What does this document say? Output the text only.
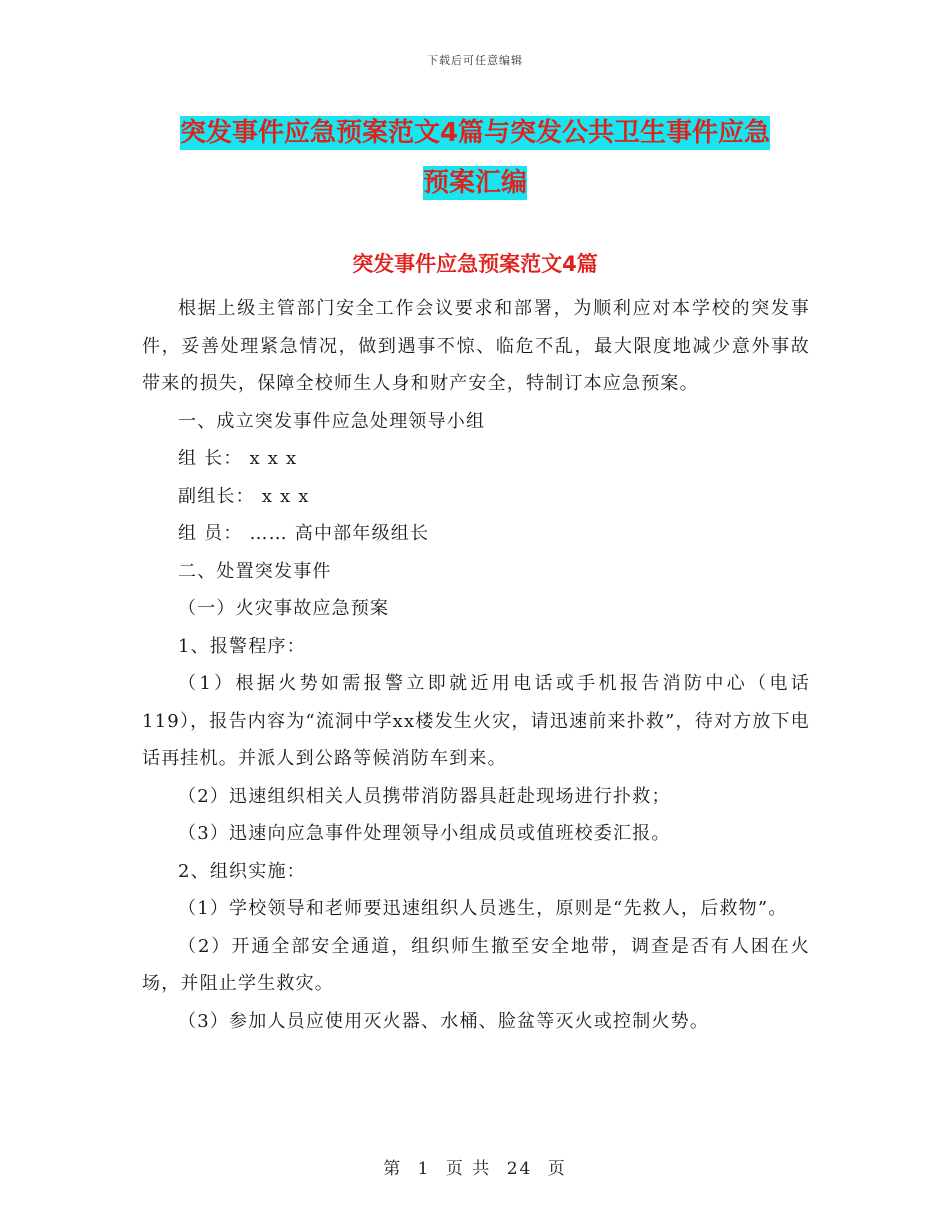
下载后可任意编辑
突发事件应急预案范文4篇与突发公共卫生事件应急
预案汇编
突发事件应急预案范文4篇

根据上级主管部门安全工作会议要求和部署，为顺利应对本学校的突发事件，妥善处理紧急情况，做到遇事不惊、临危不乱，最大限度地减少意外事故带来的损失，保障全校师生人身和财产安全，特制订本应急预案。

一、成立突发事件应急处理领导小组

组 长： x x x

副组长： x x x

组 员： …… 高中部年级组长

二、处置突发事件

（一）火灾事故应急预案

1、报警程序：

（1）根据火势如需报警立即就近用电话或手机报告消防中心（电话119），报告内容为“流洞中学xx楼发生火灾，请迅速前来扑救”，待对方放下电话再挂机。并派人到公路等候消防车到来。

（2）迅速组织相关人员携带消防器具赶赴现场进行扑救；

（3）迅速向应急事件处理领导小组成员或值班校委汇报。

2、组织实施：

（1）学校领导和老师要迅速组织人员逃生，原则是“先救人，后救物”。

（2）开通全部安全通道，组织师生撤至安全地带，调查是否有人困在火场，并阻止学生救灾。

（3）参加人员应使用灭火器、水桶、脸盆等灭火或控制火势。

第 1 页 共 24 页
